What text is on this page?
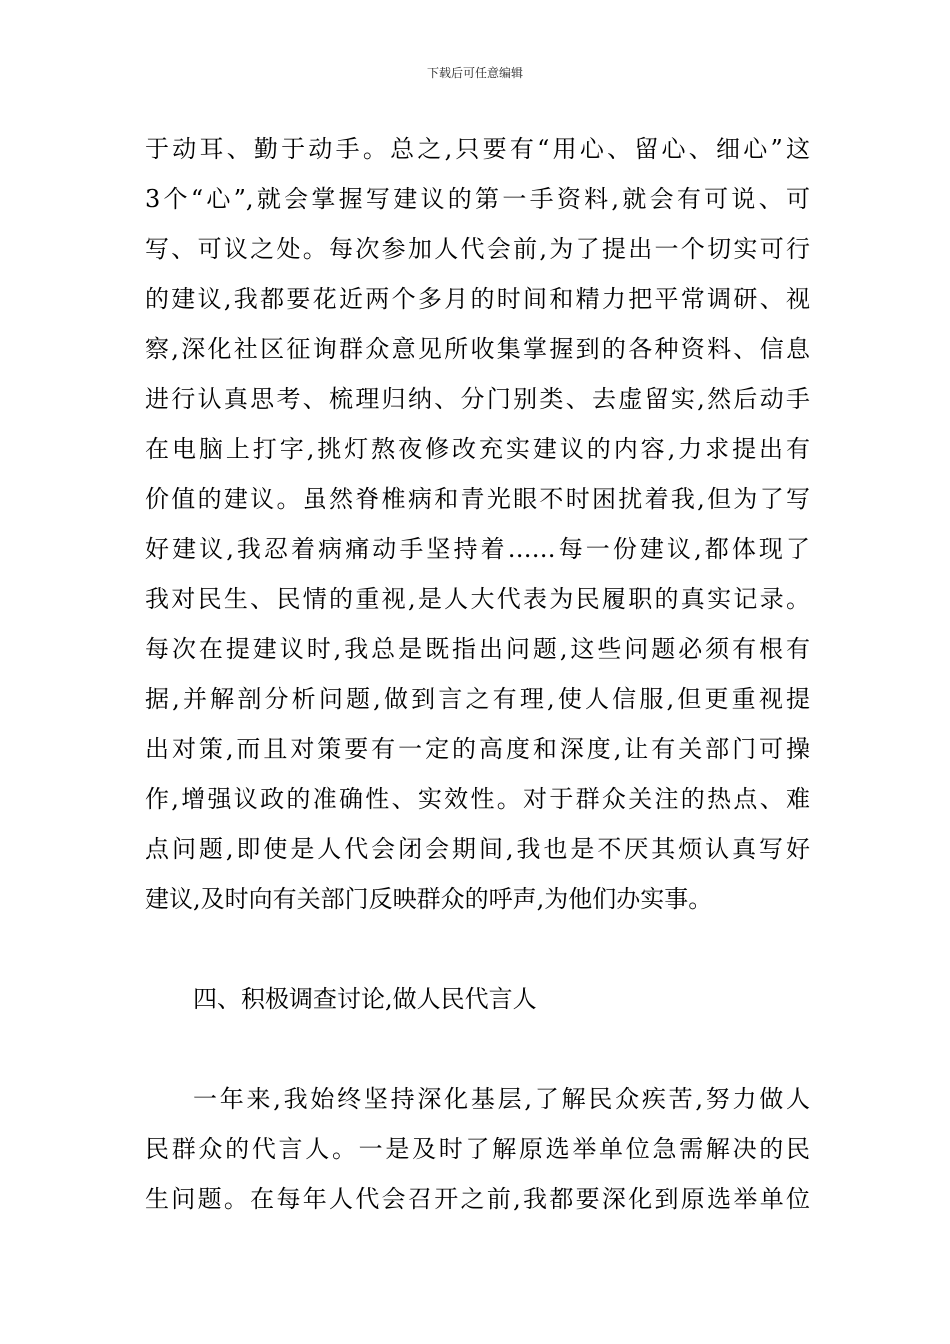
下载后可任意编辑
于动耳、勤于动手。总之,只要有“用心、留心、细心”这
3个“心”,就会掌握写建议的第一手资料,就会有可说、可
写、可议之处。每次参加人代会前,为了提出一个切实可行
的建议,我都要花近两个多月的时间和精力把平常调研、视
察,深化社区征询群众意见所收集掌握到的各种资料、信息
进行认真思考、梳理归纳、分门别类、去虚留实,然后动手
在电脑上打字,挑灯熬夜修改充实建议的内容,力求提出有
价值的建议。虽然脊椎病和青光眼不时困扰着我,但为了写
好建议,我忍着病痛动手坚持着……每一份建议,都体现了
我对民生、民情的重视,是人大代表为民履职的真实记录。
每次在提建议时,我总是既指出问题,这些问题必须有根有
据,并解剖分析问题,做到言之有理,使人信服,但更重视提
出对策,而且对策要有一定的高度和深度,让有关部门可操
作,增强议政的准确性、实效性。对于群众关注的热点、难
点问题,即使是人代会闭会期间,我也是不厌其烦认真写好
建议,及时向有关部门反映群众的呼声,为他们办实事。
四、积极调查讨论,做人民代言人
一年来,我始终坚持深化基层,了解民众疾苦,努力做人
民群众的代言人。一是及时了解原选举单位急需解决的民
生问题。在每年人代会召开之前,我都要深化到原选举单位
